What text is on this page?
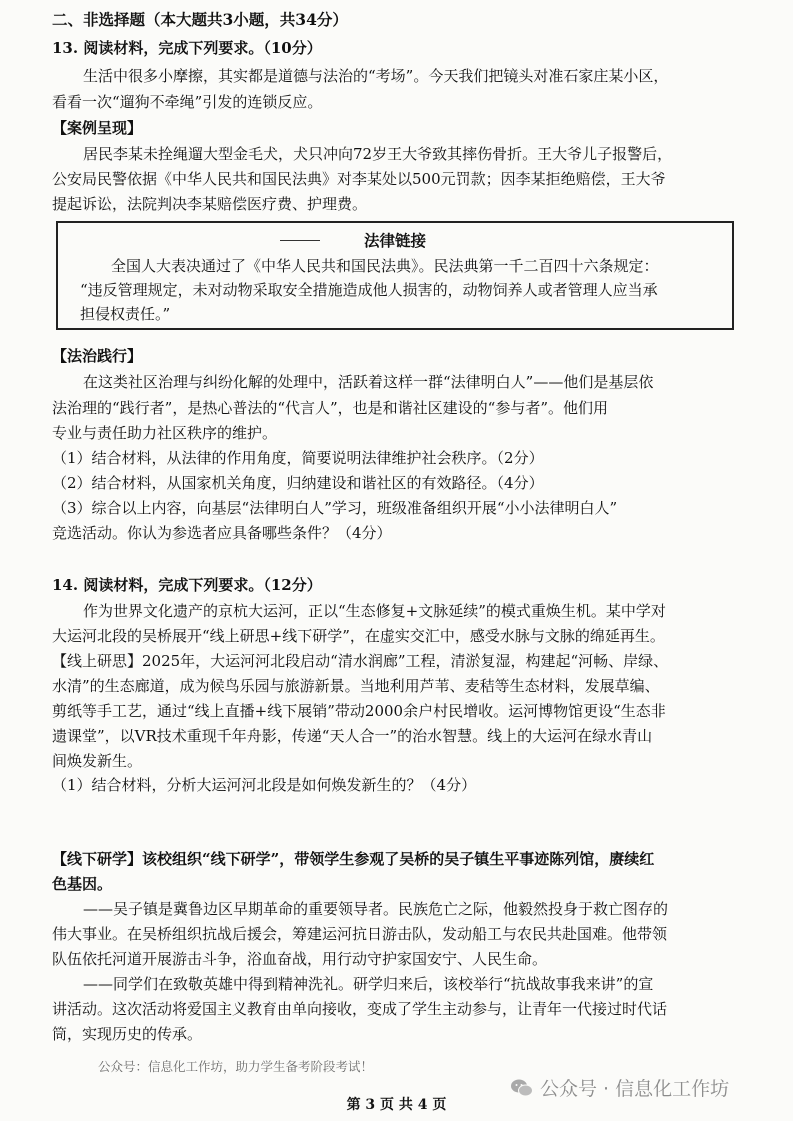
二、非选择题（本大题共3小题，共34分）
13. 阅读材料，完成下列要求。（10分）
生活中很多小摩擦，其实都是道德与法治的“考场”。今天我们把镜头对准石家庄某小区，
看看一次“遛狗不牵绳”引发的连锁反应。
【案例呈现】
居民李某未拴绳遛大型金毛犬，犬只冲向72岁王大爷致其摔伤骨折。王大爷儿子报警后，
公安局民警依据《中华人民共和国民法典》对李某处以500元罚款；因李某拒绝赔偿，王大爷
提起诉讼，法院判决李某赔偿医疗费、护理费。
法律链接
全国人大表决通过了《中华人民共和国民法典》。民法典第一千二百四十六条规定：
“违反管理规定，未对动物采取安全措施造成他人损害的，动物饲养人或者管理人应当承
担侵权责任。”
【法治践行】
在这类社区治理与纠纷化解的处理中，活跃着这样一群“法律明白人”——他们是基层依
法治理的“践行者”，是热心普法的“代言人”，也是和谐社区建设的“参与者”。他们用
专业与责任助力社区秩序的维护。
（1）结合材料，从法律的作用角度，简要说明法律维护社会秩序。（2分）
（2）结合材料，从国家机关角度，归纳建设和谐社区的有效路径。（4分）
（3）综合以上内容，向基层“法律明白人”学习，班级准备组织开展“小小法律明白人”
竞选活动。你认为参选者应具备哪些条件？（4分）
14. 阅读材料，完成下列要求。（12分）
作为世界文化遗产的京杭大运河，正以“生态修复+文脉延续”的模式重焕生机。某中学对
大运河北段的吴桥展开“线上研思+线下研学”，在虚实交汇中，感受水脉与文脉的绵延再生。
【线上研思】2025年，大运河河北段启动“清水润廊”工程，清淤复湿，构建起“河畅、岸绿、
水清”的生态廊道，成为候鸟乐园与旅游新景。当地利用芦苇、麦秸等生态材料，发展草编、
剪纸等手工艺，通过“线上直播+线下展销”带动2000余户村民增收。运河博物馆更设“生态非
遗课堂”，以VR技术重现千年舟影，传递“天人合一”的治水智慧。线上的大运河在绿水青山
间焕发新生。
（1）结合材料，分析大运河河北段是如何焕发新生的？（4分）
【线下研学】该校组织“线下研学”，带领学生参观了吴桥的吴子镇生平事迹陈列馆，赓续红
色基因。
——吴子镇是冀鲁边区早期革命的重要领导者。民族危亡之际，他毅然投身于救亡图存的
伟大事业。在吴桥组织抗战后援会，筹建运河抗日游击队，发动船工与农民共赴国难。他带领
队伍依托河道开展游击斗争，浴血奋战，用行动守护家国安宁、人民生命。
——同学们在致敬英雄中得到精神洗礼。研学归来后，该校举行“抗战故事我来讲”的宣
讲活动。这次活动将爱国主义教育由单向接收，变成了学生主动参与，让青年一代接过时代话
筒，实现历史的传承。
公众号：信息化工作坊，助力学生备考阶段考试！
公众号 · 信息化工作坊
第 3 页 共 4 页
